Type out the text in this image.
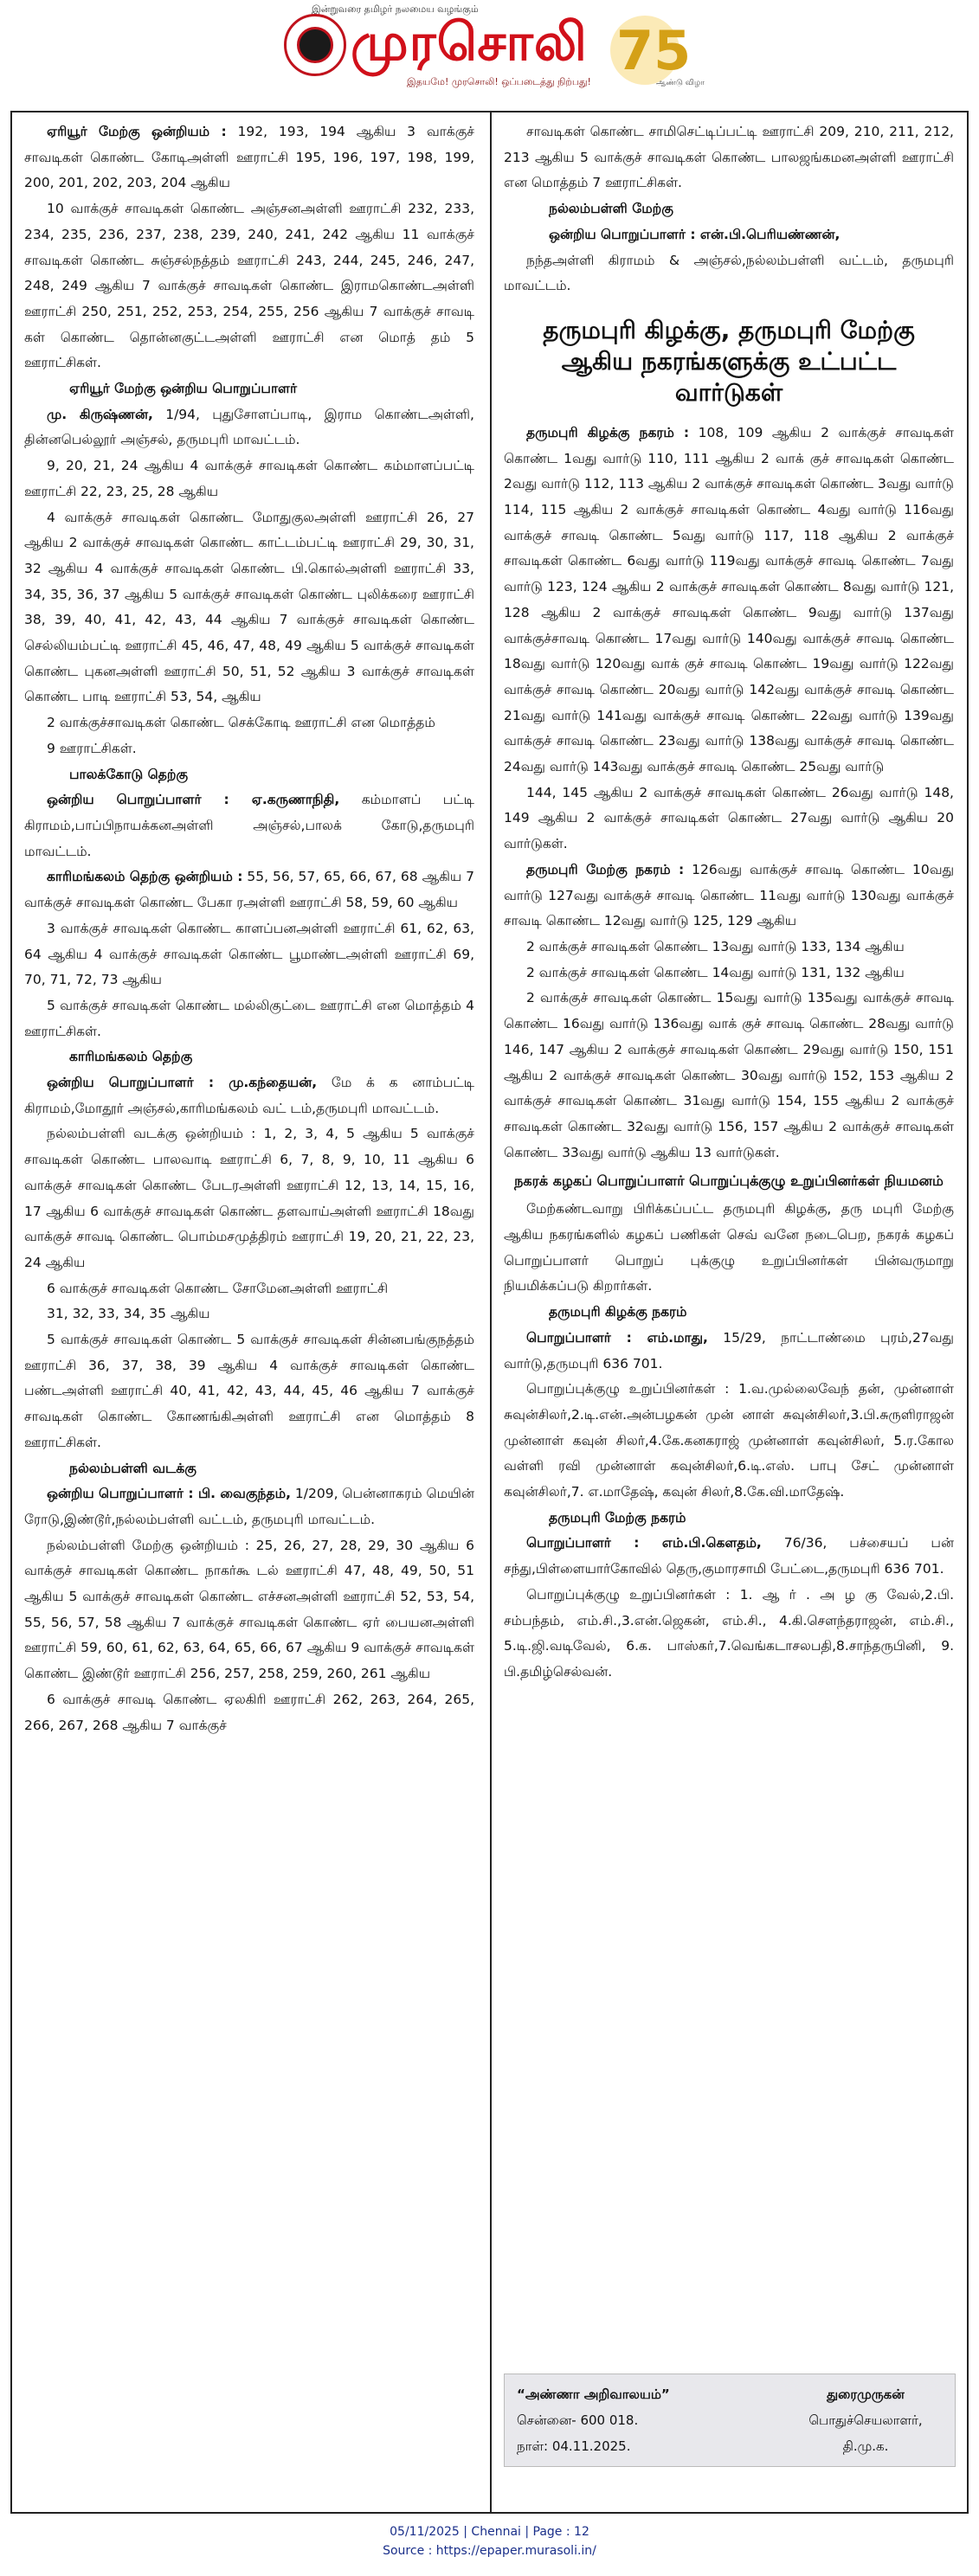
இன்றுவரை தமிழர் நலமைய வழங்கும்
முரசொலி
இதயமே! முரசொலி! ஒப்படைத்து நிற்பது! 75
ஆண்டு விழா

ஏரியூர் மேற்கு ஒன்றியம் : 192, 193, 194 ஆகிய 3 வாக்குச் சாவடிகள் கொண்ட கோடிஅள்ளி ஊராட்சி 195, 196, 197, 198, 199, 200, 201, 202, 203, 204 ஆகிய

10 வாக்குச் சாவடிகள் கொண்ட அஞ்சனஅள்ளி ஊராட்சி 232, 233, 234, 235, 236, 237, 238, 239, 240, 241, 242 ஆகிய 11 வாக்குச் சாவடிகள் கொண்ட சுஞ்சல்நத்தம் ஊராட்சி 243, 244, 245, 246, 247, 248, 249 ஆகிய 7 வாக்குச் சாவடிகள் கொண்ட இராமகொண்டஅள்ளி ஊராட்சி 250, 251, 252, 253, 254, 255, 256 ஆகிய 7 வாக்குச் சாவடி கள் கொண்ட தொன்னகுட்டஅள்ளி ஊராட்சி என மொத் தம் 5 ஊராட்சிகள்.

ஏரியூர் மேற்கு ஒன்றிய பொறுப்பாளர்

மு. கிருஷ்ணன், 1/94, புதுசோளப்பாடி, இராம கொண்டஅள்ளி, தின்னபெல்லூர் அஞ்சல், தருமபுரி மாவட்டம்.

9, 20, 21, 24 ஆகிய 4 வாக்குச் சாவடிகள் கொண்ட கம்மாளப்பட்டி ஊராட்சி 22, 23, 25, 28 ஆகிய

4 வாக்குச் சாவடிகள் கொண்ட மோதுகுலஅள்ளி ஊராட்சி 26, 27 ஆகிய 2 வாக்குச் சாவடிகள் கொண்ட காட்டம்பட்டி ஊராட்சி 29, 30, 31, 32 ஆகிய 4 வாக்குச் சாவடிகள் கொண்ட பி.கொல்அள்ளி ஊராட்சி 33, 34, 35, 36, 37 ஆகிய 5 வாக்குச் சாவடிகள் கொண்ட புலிக்கரை ஊராட்சி 38, 39, 40, 41, 42, 43, 44 ஆகிய 7 வாக்குச் சாவடிகள் கொண்ட செல்லியம்பட்டி ஊராட்சி 45, 46, 47, 48, 49 ஆகிய 5 வாக்குச் சாவடிகள் கொண்ட புகனஅள்ளி ஊராட்சி 50, 51, 52 ஆகிய 3 வாக்குச் சாவடிகள் கொண்ட பாடி ஊராட்சி 53, 54, ஆகிய

2 வாக்குச்சாவடிகள் கொண்ட செக்கோடி ஊராட்சி என மொத்தம்

9 ஊராட்சிகள்.

பாலக்கோடு தெற்கு

ஒன்றிய பொறுப்பாளர் : ஏ.கருணாநிதி, கம்மாளப் பட்டி கிராமம்,பாப்பிநாயக்கனஅள்ளி அஞ்சல்,பாலக் கோடு,தருமபுரி மாவட்டம்.

காரிமங்கலம் தெற்கு ஒன்றியம் : 55, 56, 57, 65, 66, 67, 68 ஆகிய 7 வாக்குச் சாவடிகள் கொண்ட பேகா ரஅள்ளி ஊராட்சி 58, 59, 60 ஆகிய

3 வாக்குச் சாவடிகள் கொண்ட காளப்பனஅள்ளி ஊராட்சி 61, 62, 63, 64 ஆகிய 4 வாக்குச் சாவடிகள் கொண்ட பூமாண்டஅள்ளி ஊராட்சி 69, 70, 71, 72, 73 ஆகிய

5 வாக்குச் சாவடிகள் கொண்ட மல்லிகுட்டை ஊராட்சி என மொத்தம் 4 ஊராட்சிகள்.

காரிமங்கலம் தெற்கு

ஒன்றிய பொறுப்பாளர் : மு.கந்தையன், மே க் க னாம்பட்டி கிராமம்,மோதூர் அஞ்சல்,காரிமங்கலம் வட் டம்,தருமபுரி மாவட்டம்.

நல்லம்பள்ளி வடக்கு ஒன்றியம் : 1, 2, 3, 4, 5 ஆகிய 5 வாக்குச் சாவடிகள் கொண்ட பாலவாடி ஊராட்சி 6, 7, 8, 9, 10, 11 ஆகிய 6 வாக்குச் சாவடிகள் கொண்ட பேடரஅள்ளி ஊராட்சி 12, 13, 14, 15, 16, 17 ஆகிய 6 வாக்குச் சாவடிகள் கொண்ட தளவாய்அள்ளி ஊராட்சி 18வது வாக்குச் சாவடி கொண்ட பொம்மசமுத்திரம் ஊராட்சி 19, 20, 21, 22, 23, 24 ஆகிய

6 வாக்குச் சாவடிகள் கொண்ட சோமேனஅள்ளி ஊராட்சி

31, 32, 33, 34, 35 ஆகிய

5 வாக்குச் சாவடிகள் கொண்ட 5 வாக்குச் சாவடிகள் சின்னபங்குநத்தம் ஊராட்சி 36, 37, 38, 39 ஆகிய 4 வாக்குச் சாவடிகள் கொண்ட பண்டஅள்ளி ஊராட்சி 40, 41, 42, 43, 44, 45, 46 ஆகிய 7 வாக்குச் சாவடிகள் கொண்ட கோணங்கிஅள்ளி ஊராட்சி என மொத்தம் 8 ஊராட்சிகள்.

நல்லம்பள்ளி வடக்கு

ஒன்றிய பொறுப்பாளர் : பி. வைகுந்தம், 1/209, பென்னாகரம் மெயின் ரோடு,இண்டூர்,நல்லம்பள்ளி வட்டம், தருமபுரி மாவட்டம்.

நல்லம்பள்ளி மேற்கு ஒன்றியம் : 25, 26, 27, 28, 29, 30 ஆகிய 6 வாக்குச் சாவடிகள் கொண்ட நாகர்கூ டல் ஊராட்சி 47, 48, 49, 50, 51 ஆகிய 5 வாக்குச் சாவடிகள் கொண்ட எச்சனஅள்ளி ஊராட்சி 52, 53, 54, 55, 56, 57, 58 ஆகிய 7 வாக்குச் சாவடிகள் கொண்ட ஏர் பையனஅள்ளி ஊராட்சி 59, 60, 61, 62, 63, 64, 65, 66, 67 ஆகிய 9 வாக்குச் சாவடிகள் கொண்ட இண்டூர் ஊராட்சி 256, 257, 258, 259, 260, 261 ஆகிய

6 வாக்குச் சாவடி கொண்ட ஏலகிரி ஊராட்சி 262, 263, 264, 265, 266, 267, 268 ஆகிய 7 வாக்குச்

சாவடிகள் கொண்ட சாமிசெட்டிப்பட்டி ஊராட்சி 209, 210, 211, 212, 213 ஆகிய 5 வாக்குச் சாவடிகள் கொண்ட பாலஜங்கமனஅள்ளி ஊராட்சி என மொத்தம் 7 ஊராட்சிகள்.

நல்லம்பள்ளி மேற்கு

ஒன்றிய பொறுப்பாளர் : என்.பி.பெரியண்ணன்,

நந்தஅள்ளி கிராமம் & அஞ்சல்,நல்லம்பள்ளி வட்டம், தருமபுரி மாவட்டம்.

தருமபுரி கிழக்கு, தருமபுரி மேற்கு ஆகிய நகரங்களுக்கு உட்பட்ட வார்டுகள்

தருமபுரி கிழக்கு நகரம் : 108, 109 ஆகிய 2 வாக்குச் சாவடிகள் கொண்ட 1வது வார்டு 110, 111 ஆகிய 2 வாக் குச் சாவடிகள் கொண்ட 2வது வார்டு 112, 113 ஆகிய 2 வாக்குச் சாவடிகள் கொண்ட 3வது வார்டு 114, 115 ஆகிய 2 வாக்குச் சாவடிகள் கொண்ட 4வது வார்டு 116வது வாக்குச் சாவடி கொண்ட 5வது வார்டு 117, 118 ஆகிய 2 வாக்குச் சாவடிகள் கொண்ட 6வது வார்டு 119வது வாக்குச் சாவடி கொண்ட 7வது வார்டு 123, 124 ஆகிய 2 வாக்குச் சாவடிகள் கொண்ட 8வது வார்டு 121, 128 ஆகிய 2 வாக்குச் சாவடிகள் கொண்ட 9வது வார்டு 137வது வாக்குச்சாவடி கொண்ட 17வது வார்டு 140வது வாக்குச் சாவடி கொண்ட 18வது வார்டு 120வது வாக் குச் சாவடி கொண்ட 19வது வார்டு 122வது வாக்குச் சாவடி கொண்ட 20வது வார்டு 142வது வாக்குச் சாவடி கொண்ட 21வது வார்டு 141வது வாக்குச் சாவடி கொண்ட 22வது வார்டு 139வது வாக்குச் சாவடி கொண்ட 23வது வார்டு 138வது வாக்குச் சாவடி கொண்ட 24வது வார்டு 143வது வாக்குச் சாவடி கொண்ட 25வது வார்டு

144, 145 ஆகிய 2 வாக்குச் சாவடிகள் கொண்ட 26வது வார்டு 148, 149 ஆகிய 2 வாக்குச் சாவடிகள் கொண்ட 27வது வார்டு ஆகிய 20 வார்டுகள்.

தருமபுரி மேற்கு நகரம் : 126வது வாக்குச் சாவடி கொண்ட 10வது வார்டு 127வது வாக்குச் சாவடி கொண்ட 11வது வார்டு 130வது வாக்குச் சாவடி கொண்ட 12வது வார்டு 125, 129 ஆகிய

2 வாக்குச் சாவடிகள் கொண்ட 13வது வார்டு 133, 134 ஆகிய

2 வாக்குச் சாவடிகள் கொண்ட 14வது வார்டு 131, 132 ஆகிய

2 வாக்குச் சாவடிகள் கொண்ட 15வது வார்டு 135வது வாக்குச் சாவடி கொண்ட 16வது வார்டு 136வது வாக் குச் சாவடி கொண்ட 28வது வார்டு 146, 147 ஆகிய 2 வாக்குச் சாவடிகள் கொண்ட 29வது வார்டு 150, 151 ஆகிய 2 வாக்குச் சாவடிகள் கொண்ட 30வது வார்டு 152, 153 ஆகிய 2 வாக்குச் சாவடிகள் கொண்ட 31வது வார்டு 154, 155 ஆகிய 2 வாக்குச் சாவடிகள் கொண்ட 32வது வார்டு 156, 157 ஆகிய 2 வாக்குச் சாவடிகள் கொண்ட 33வது வார்டு ஆகிய 13 வார்டுகள்.

நகரக் கழகப் பொறுப்பாளர் பொறுப்புக்குழு உறுப்பினர்கள் நியமனம்

மேற்கண்டவாறு பிரிக்கப்பட்ட தருமபுரி கிழக்கு, தரு மபுரி மேற்கு ஆகிய நகரங்களில் கழகப் பணிகள் செவ் வனே நடைபெற, நகரக் கழகப் பொறுப்பாளர் பொறுப் புக்குழு உறுப்பினர்கள் பின்வருமாறு நியமிக்கப்படு கிறார்கள்.

தருமபுரி கிழக்கு நகரம்

பொறுப்பாளர் : எம்.மாது, 15/29, நாட்டாண்மை புரம்,27வது வார்டு,தருமபுரி 636 701.

பொறுப்புக்குழு உறுப்பினர்கள் : 1.வ.முல்லைவேந் தன், முன்னாள் சுவுன்சிலர்,2.டி.என்.அன்பழகன் முன் னாள் சுவுன்சிலர்,3.பி.சுருளிராஜன் முன்னாள் கவுன் சிலர்,4.கே.கனகராஜ் முன்னாள் கவுன்சிலர், 5.ர.கோல வள்ளி ரவி முன்னாள் கவுன்சிலர்,6.டி.எஸ். பாபு சேட் முன்னாள் கவுன்சிலர்,7. எ.மாதேஷ், கவுன் சிலர்,8.கே.வி.மாதேஷ்.

தருமபுரி மேற்கு நகரம்

பொறுப்பாளர் : எம்.பி.கௌதம், 76/36, பச்சையப் பன் சந்து,பிள்ளையார்கோவில் தெரு,குமாரசாமி பேட்டை,தருமபுரி 636 701.

பொறுப்புக்குழு உறுப்பினர்கள் : 1. ஆ ர் . அ ழ கு வேல்,2.பி. சம்பந்தம், எம்.சி.,3.என்.ஜெகன், எம்.சி., 4.கி.சௌந்தராஜன், எம்.சி., 5.டி.ஜி.வடிவேல், 6.க. பாஸ்கர்,7.வெங்கடாசலபதி,8.சாந்தருபினி, 9. பி.தமிழ்செல்வன்.

“அண்ணா அறிவாலயம்”
சென்னை- 600 018.
நாள்: 04.11.2025.
துரைமுருகன்
பொதுச்செயலாளர்,
தி.மு.க.
05/11/2025 | Chennai | Page : 12
Source : https://epaper.murasoli.in/
